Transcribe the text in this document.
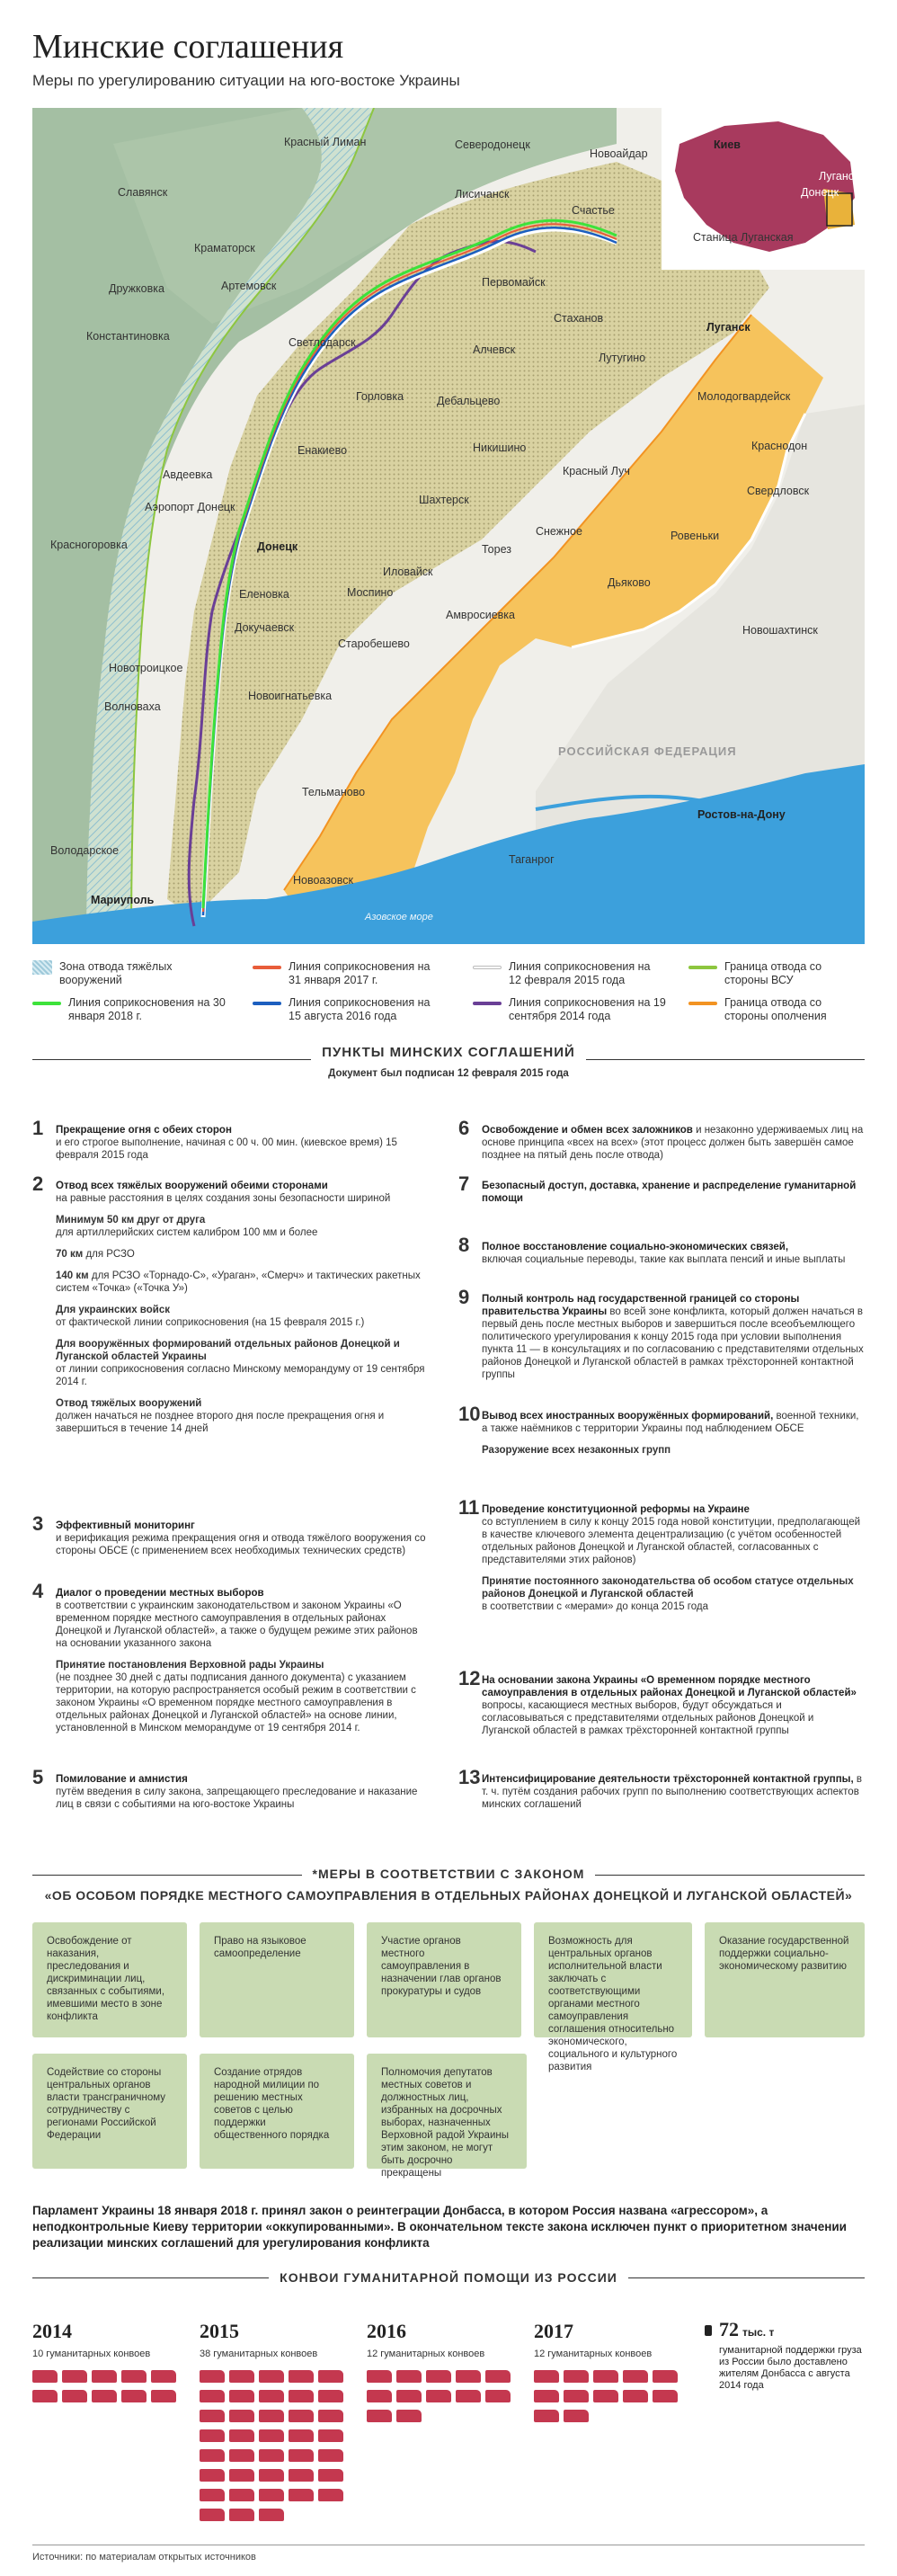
Минские соглашения
Меры по урегулированию ситуации на юго-востоке Украины
Киев
Луганск
Донецк
РОССИЙСКАЯ ФЕДЕРАЦИЯ
Азовское море
Красный Лиман	Северодонецк
Новоайдар
Славянск	Лисичанск
Счастье
Станица Луганская
Краматорск
Артемовск	Первомайск
Дружковка
Стаханов
Луганск
Константиновка	Светлодарск
Алчевск
Лутугино
Горловка	Дебальцево	Молодогвардейск
Енакиево	Никишино	Краснодон
Авдеевка
Свердловск
Красный Луч
Шахтерск
Аэропорт Донецк
Красногоровка	Торез
Снежное	Ровеньки
Донецк
Иловайск
Дьяково
Еленовка	Моспино
Амвросиевка
Докучаевск	Новошахтинск
Старобешево
Новотроицкое
Новоигнатьевка
Волноваха
Тельманово
Ростов-на-Дону
Володарское
Таганрог
Новоазовск
Мариуполь
Зона отвода тяжёлых вооружений
Линия соприкосновения на 31 января 2017 г.
Линия соприкосновения на 12 февраля 2015 года
Граница отвода со стороны ВСУ
Линия соприкосновения на 30 января 2018 г.
Линия соприкосновения на 15 августа 2016 года
Линия соприкосновения на 19 сентября 2014 года
Граница отвода со стороны ополчения
ПУНКТЫ МИНСКИХ СОГЛАШЕНИЙ
Документ был подписан 12 февраля 2015 года
1 Прекращение огня с обеих сторон
и его строгое выполнение, начиная с 00 ч. 00 мин. (киевское время) 15 февраля 2015 года
2 Отвод всех тяжёлых вооружений обеими сторонами
на равные расстояния в целях создания зоны безопасности шириной
Минимум 50 км друг от друга
для артиллерийских систем калибром 100 мм и более
70 км для РСЗО
140 км для РСЗО «Торнадо-С», «Ураган», «Смерч» и тактических ракетных систем «Точка» («Точка У»)
Для украинских войск
от фактической линии соприкосновения (на 15 февраля 2015 г.)
Для вооружённых формирований отдельных районов Донецкой и Луганской областей Украины
от линии соприкосновения согласно Минскому меморандуму от 19 сентября 2014 г.
Отвод тяжёлых вооружений
должен начаться не позднее второго дня после прекращения огня и завершиться в течение 14 дней
3 Эффективный мониторинг
и верификация режима прекращения огня и отвода тяжёлого вооружения со стороны ОБСЕ (с применением всех необходимых технических средств)
4 Диалог о проведении местных выборов
в соответствии с украинским законодательством и законом Украины «О временном порядке местного самоуправления в отдельных районах Донецкой и Луганской областей», а также о будущем режиме этих районов на основании указанного закона
Принятие постановления Верховной рады Украины
(не позднее 30 дней с даты подписания данного документа) с указанием территории, на которую распространяется особый режим в соответствии с законом Украины «О временном порядке местного самоуправления в отдельных районах Донецкой и Луганской областей» на основе линии, установленной в Минском меморандуме от 19 сентября 2014 г.
5 Помилование и амнистия
путём введения в силу закона, запрещающего преследование и наказание лиц в связи с событиями на юго-востоке Украины
6 Освобождение и обмен всех заложников и незаконно удерживаемых лиц на основе принципа «всех на всех» (этот процесс должен быть завершён самое позднее на пятый день после отвода)
7 Безопасный доступ, доставка, хранение и распределение гуманитарной помощи
8 Полное восстановление социально-экономических связей,
включая социальные переводы, такие как выплата пенсий и иные выплаты
9 Полный контроль над государственной границей со стороны правительства Украины во всей зоне конфликта, который должен начаться в первый день после местных выборов и завершиться после всеобъемлющего политического урегулирования к концу 2015 года при условии выполнения пункта 11 — в консультациях и по согласованию с представителями отдельных районов Донецкой и Луганской областей в рамках трёхсторонней контактной группы
10 Вывод всех иностранных вооружённых формирований, военной техники, а также наёмников с территории Украины под наблюдением ОБСЕ
Разоружение всех незаконных групп
11 Проведение конституционной реформы на Украине
со вступлением в силу к концу 2015 года новой конституции, предполагающей в качестве ключевого элемента децентрализацию (с учётом особенностей отдельных районов Донецкой и Луганской областей, согласованных с представителями этих районов)
Принятие постоянного законодательства об особом статусе отдельных районов Донецкой и Луганской областей
в соответствии с «мерами» до конца 2015 года
12 На основании закона Украины «О временном порядке местного самоуправления в отдельных районах Донецкой и Луганской областей» вопросы, касающиеся местных выборов, будут обсуждаться и согласовываться с представителями отдельных районов Донецкой и Луганской областей в рамках трёхсторонней контактной группы
13 Интенсифицирование деятельности трёхсторонней контактной группы, в т. ч. путём создания рабочих групп по выполнению соответствующих аспектов минских соглашений
*МЕРЫ В СООТВЕТСТВИИ С ЗАКОНОМ
«ОБ ОСОБОМ ПОРЯДКЕ МЕСТНОГО САМОУПРАВЛЕНИЯ В ОТДЕЛЬНЫХ РАЙОНАХ ДОНЕЦКОЙ И ЛУГАНСКОЙ ОБЛАСТЕЙ»
Освобождение от наказания, преследования и дискриминации лиц, связанных с событиями, имевшими место в зоне конфликта
Право на языковое самоопределение
Участие органов местного самоуправления в назначении глав органов прокуратуры и судов
Возможность для центральных органов исполнительной власти заключать с соответствующими органами местного самоуправления соглашения относительно экономического, социального и культурного развития
Оказание государственной поддержки социально-экономическому развитию
Содействие со стороны центральных органов власти трансграничному сотрудничеству с регионами Российской Федерации
Создание отрядов народной милиции по решению местных советов с целью поддержки общественного порядка
Полномочия депутатов местных советов и должностных лиц, избранных на досрочных выборах, назначенных Верховной радой Украины этим законом, не могут быть досрочно прекращены
Парламент Украины 18 января 2018 г. принял закон о реинтеграции Донбасса, в котором Россия названа «агрессором», а неподконтрольные Киеву территории «оккупированными». В окончательном тексте закона исключен пункт о приоритетном значении реализации минских соглашений для урегулирования конфликта
КОНВОИ ГУМАНИТАРНОЙ ПОМОЩИ ИЗ РОССИИ
2014
10 гуманитарных конвоев
2015
38 гуманитарных конвоев
2016
12 гуманитарных конвоев
2017
12 гуманитарных конвоев
72 тыс. т
гуманитарной поддержки груза из России было доставлено жителям Донбасса с августа 2014 года
Источники: по материалам открытых источников
